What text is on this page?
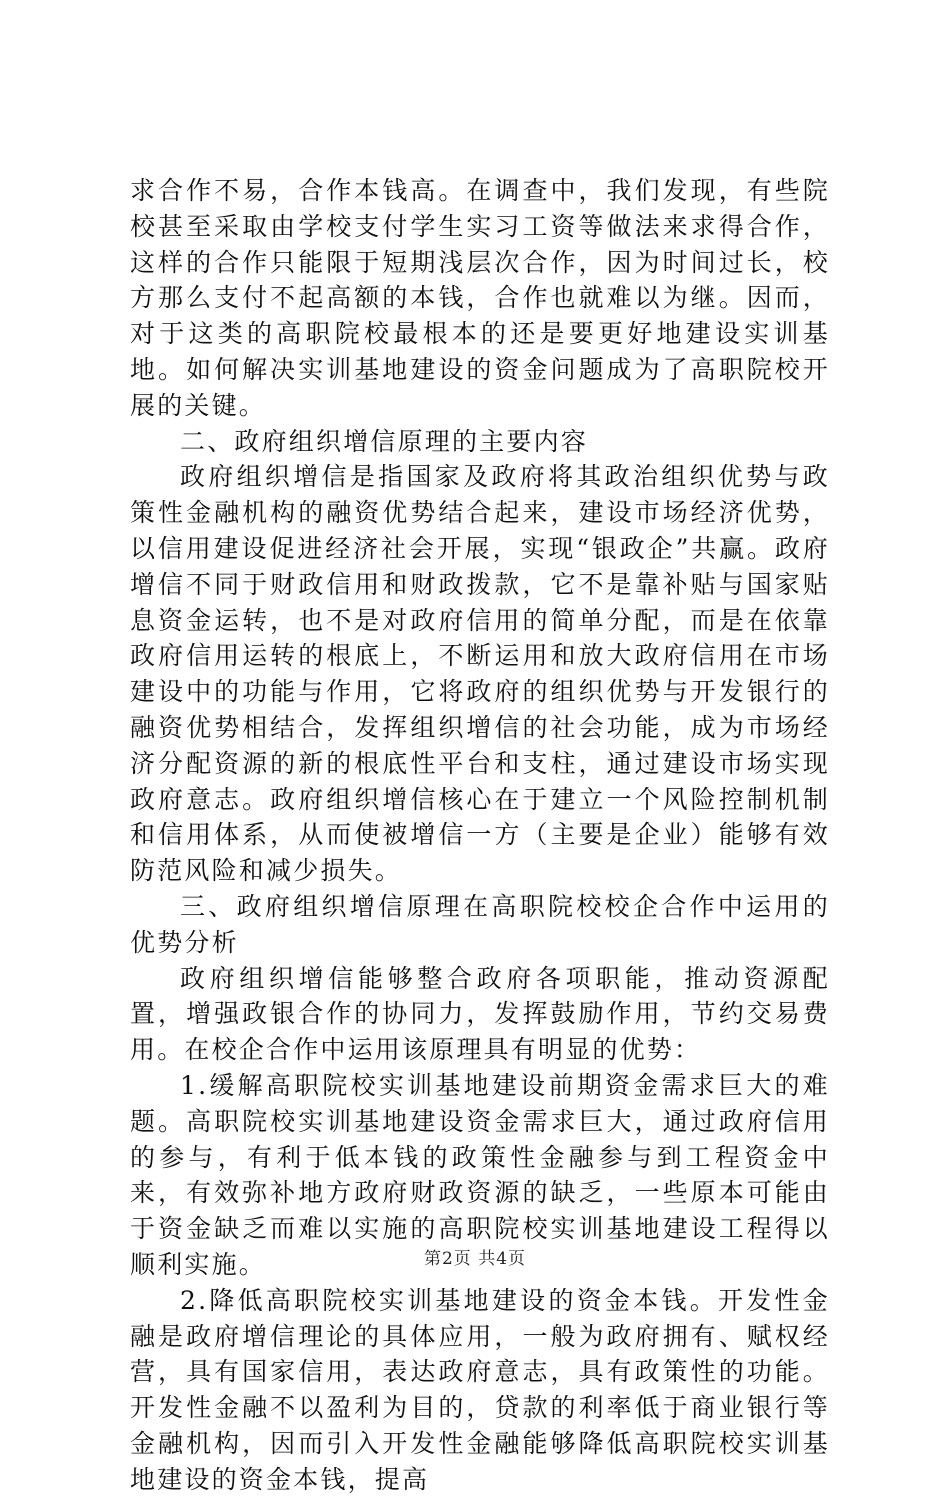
求合作不易，合作本钱高。在调查中，我们发现，有些院校甚至采取由学校支付学生实习工资等做法来求得合作，这样的合作只能限于短期浅层次合作，因为时间过长，校方那么支付不起高额的本钱，合作也就难以为继。因而，对于这类的高职院校最根本的还是要更好地建设实训基地。如何解决实训基地建设的资金问题成为了高职院校开展的关键。

二、政府组织增信原理的主要内容

政府组织增信是指国家及政府将其政治组织优势与政策性金融机构的融资优势结合起来，建设市场经济优势，以信用建设促进经济社会开展，实现“银政企”共赢。政府增信不同于财政信用和财政拨款，它不是靠补贴与国家贴息资金运转，也不是对政府信用的简单分配，而是在依靠政府信用运转的根底上，不断运用和放大政府信用在市场建设中的功能与作用，它将政府的组织优势与开发银行的融资优势相结合，发挥组织增信的社会功能，成为市场经济分配资源的新的根底性平台和支柱，通过建设市场实现政府意志。政府组织增信核心在于建立一个风险控制机制和信用体系，从而使被增信一方（主要是企业）能够有效防范风险和减少损失。

三、政府组织增信原理在高职院校校企合作中运用的优势分析

政府组织增信能够整合政府各项职能，推动资源配置，增强政银合作的协同力，发挥鼓励作用，节约交易费用。在校企合作中运用该原理具有明显的优势：

1.缓解高职院校实训基地建设前期资金需求巨大的难题。高职院校实训基地建设资金需求巨大，通过政府信用的参与，有利于低本钱的政策性金融参与到工程资金中来，有效弥补地方政府财政资源的缺乏，一些原本可能由于资金缺乏而难以实施的高职院校实训基地建设工程得以顺利实施。

2.降低高职院校实训基地建设的资金本钱。开发性金融是政府增信理论的具体应用，一般为政府拥有、赋权经营，具有国家信用，表达政府意志，具有政策性的功能。开发性金融不以盈利为目的，贷款的利率低于商业银行等金融机构，因而引入开发性金融能够降低高职院校实训基地建设的资金本钱，提高

第2页 共4页
